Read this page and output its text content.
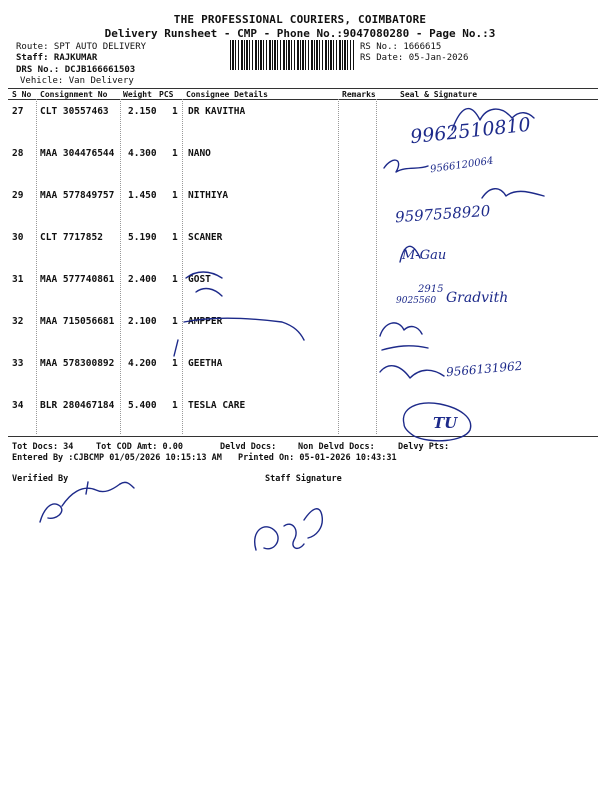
THE PROFESSIONAL COURIERS, COIMBATORE
Delivery Runsheet - CMP - Phone No.:9047080280 - Page No.:3
Route: SPT AUTO DELIVERY
Staff: RAJKUMAR
DRS No.: DCJB166661503
Vehicle: Van Delivery
RS No.: 1666615
RS Date: 05-Jan-2026
S No Consignment No Weight PCS Consignee Details	Remarks	Seal & Signature
27 CLT 30557463 2.150 1 DR KAVITHA
28 MAA 304476544 4.300 1 NANO
29 MAA 577849757 1.450 1 NITHIYA
30 CLT 7717852	5.190 1 SCANER
31 MAA 577740861 2.400 1 GOST
32 MAA 715056681 2.100 1 AMPPER
33 MAA 578300892 4.200 1 GEETHA
34 BLR 280467184 5.400 1 TESLA CARE
Tot Docs: 34	Tot COD Amt: 0.00	Delvd Docs:	Non Delvd Docs:	Delvy Pts:
Entered By :CJBCMP 01/05/2026 10:15:13 AM Printed On: 05-01-2026 10:43:31
Verified By	Staff Signature
9962510810
9566120064
9597558920
M-Gau
2915
9025560 Gradvith
9566131962
TU
